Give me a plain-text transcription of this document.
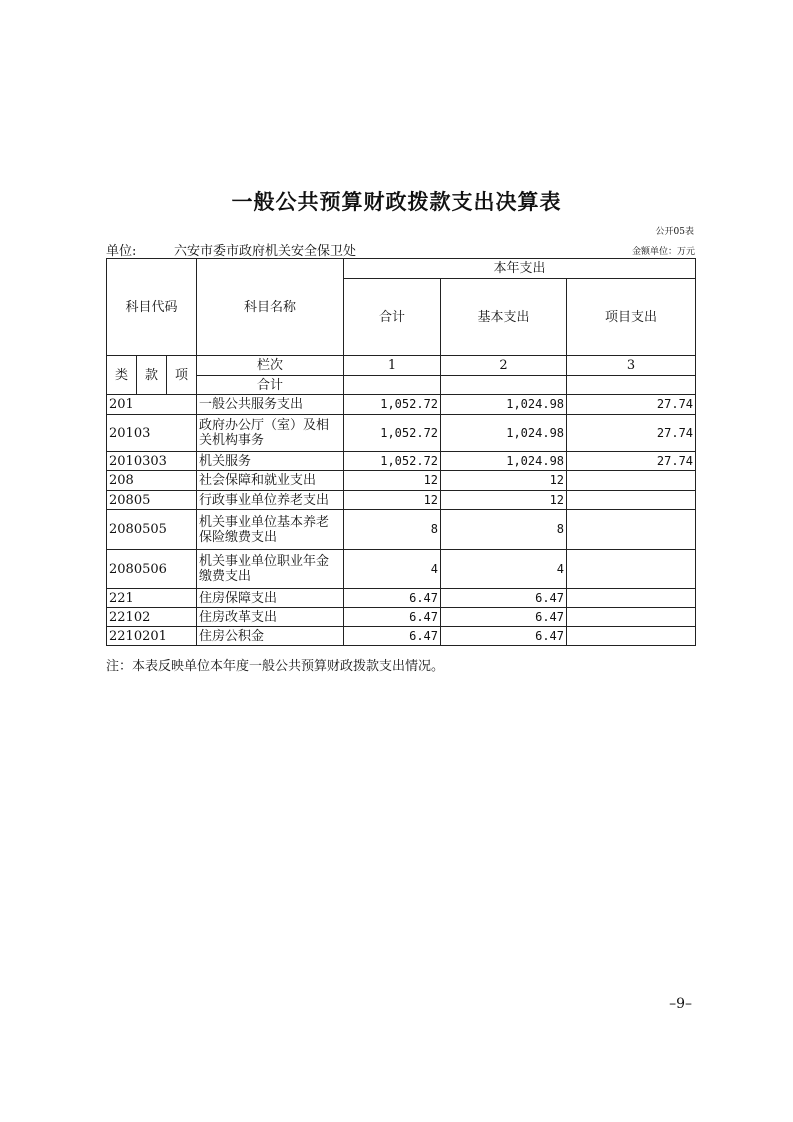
一般公共预算财政拨款支出决算表
公开05表
单位:	六安市委市政府机关安全保卫处	金额单位：万元
科目代码			科目名称	本年支出		
				合计	基本支出	项目支出
类	款	项	栏次	1	2	3
			合计			
201			一般公共服务支出	1,052.72	1,024.98	27.74
20103			政府办公厅（室）及相关机构事务	1,052.72	1,024.98	27.74
2010303			机关服务	1,052.72	1,024.98	27.74
208			社会保障和就业支出	12	12	
20805			行政事业单位养老支出	12	12	
2080505			机关事业单位基本养老保险缴费支出	8	8	
2080506			机关事业单位职业年金缴费支出	4	4	
221			住房保障支出	6.47	6.47	
22102			住房改革支出	6.47	6.47	
2210201			住房公积金	6.47	6.47	
注：本表反映单位本年度一般公共预算财政拨款支出情况。
–9–
